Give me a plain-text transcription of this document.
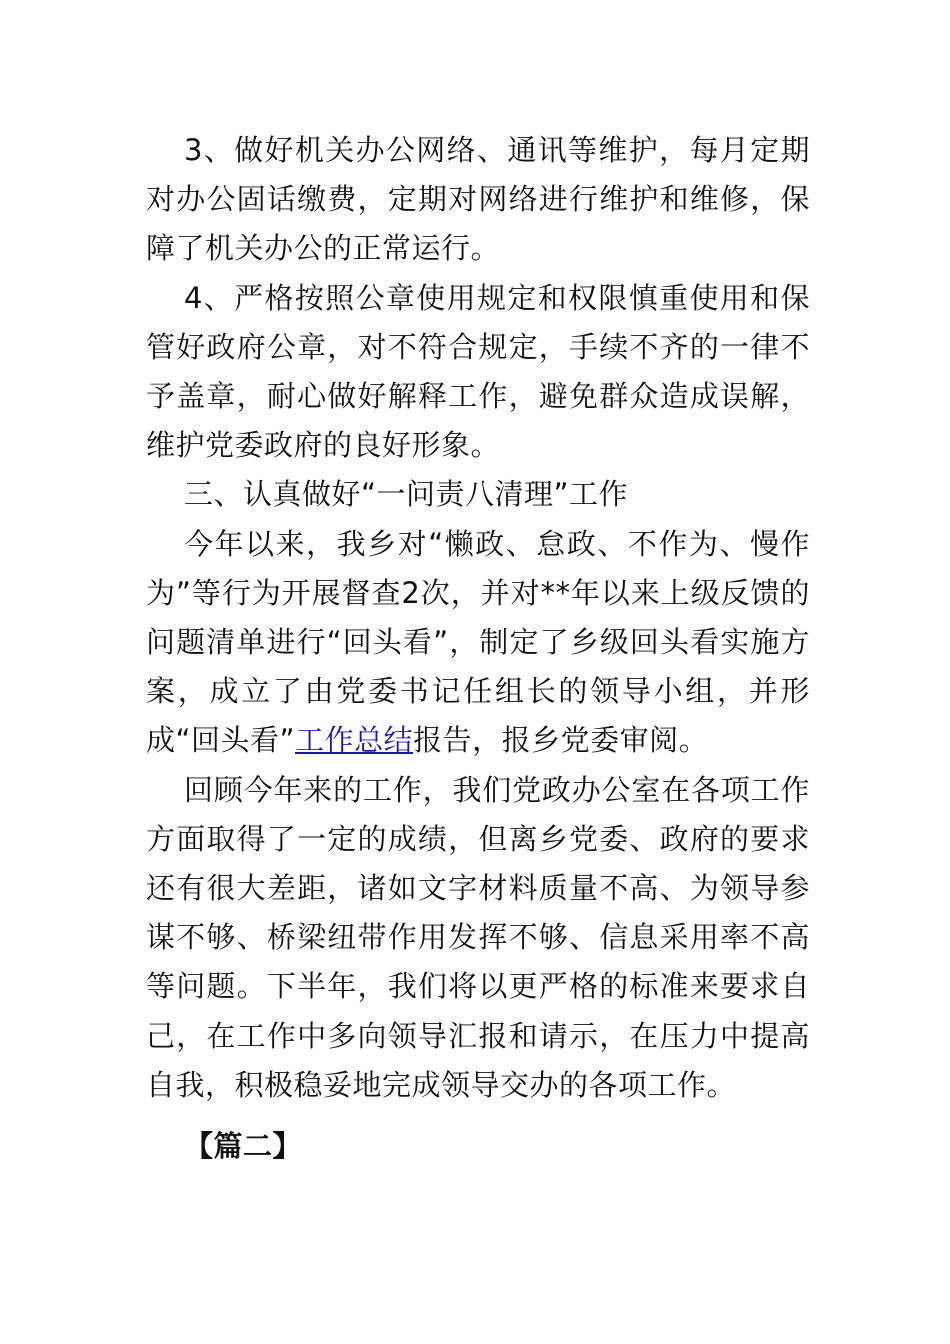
3、做好机关办公网络、通讯等维护，每月定期对办公固话缴费，定期对网络进行维护和维修，保障了机关办公的正常运行。

4、严格按照公章使用规定和权限慎重使用和保管好政府公章，对不符合规定，手续不齐的一律不予盖章，耐心做好解释工作，避免群众造成误解，维护党委政府的良好形象。

三、认真做好“一问责八清理”工作

今年以来，我乡对“懒政、怠政、不作为、慢作为”等行为开展督查2次，并对**年以来上级反馈的问题清单进行“回头看”，制定了乡级回头看实施方案，成立了由党委书记任组长的领导小组，并形成“回头看”工作总结报告，报乡党委审阅。

回顾今年来的工作，我们党政办公室在各项工作方面取得了一定的成绩，但离乡党委、政府的要求还有很大差距，诸如文字材料质量不高、为领导参谋不够、桥梁纽带作用发挥不够、信息采用率不高等问题。下半年，我们将以更严格的标准来要求自己，在工作中多向领导汇报和请示，在压力中提高自我，积极稳妥地完成领导交办的各项工作。

【篇二】
